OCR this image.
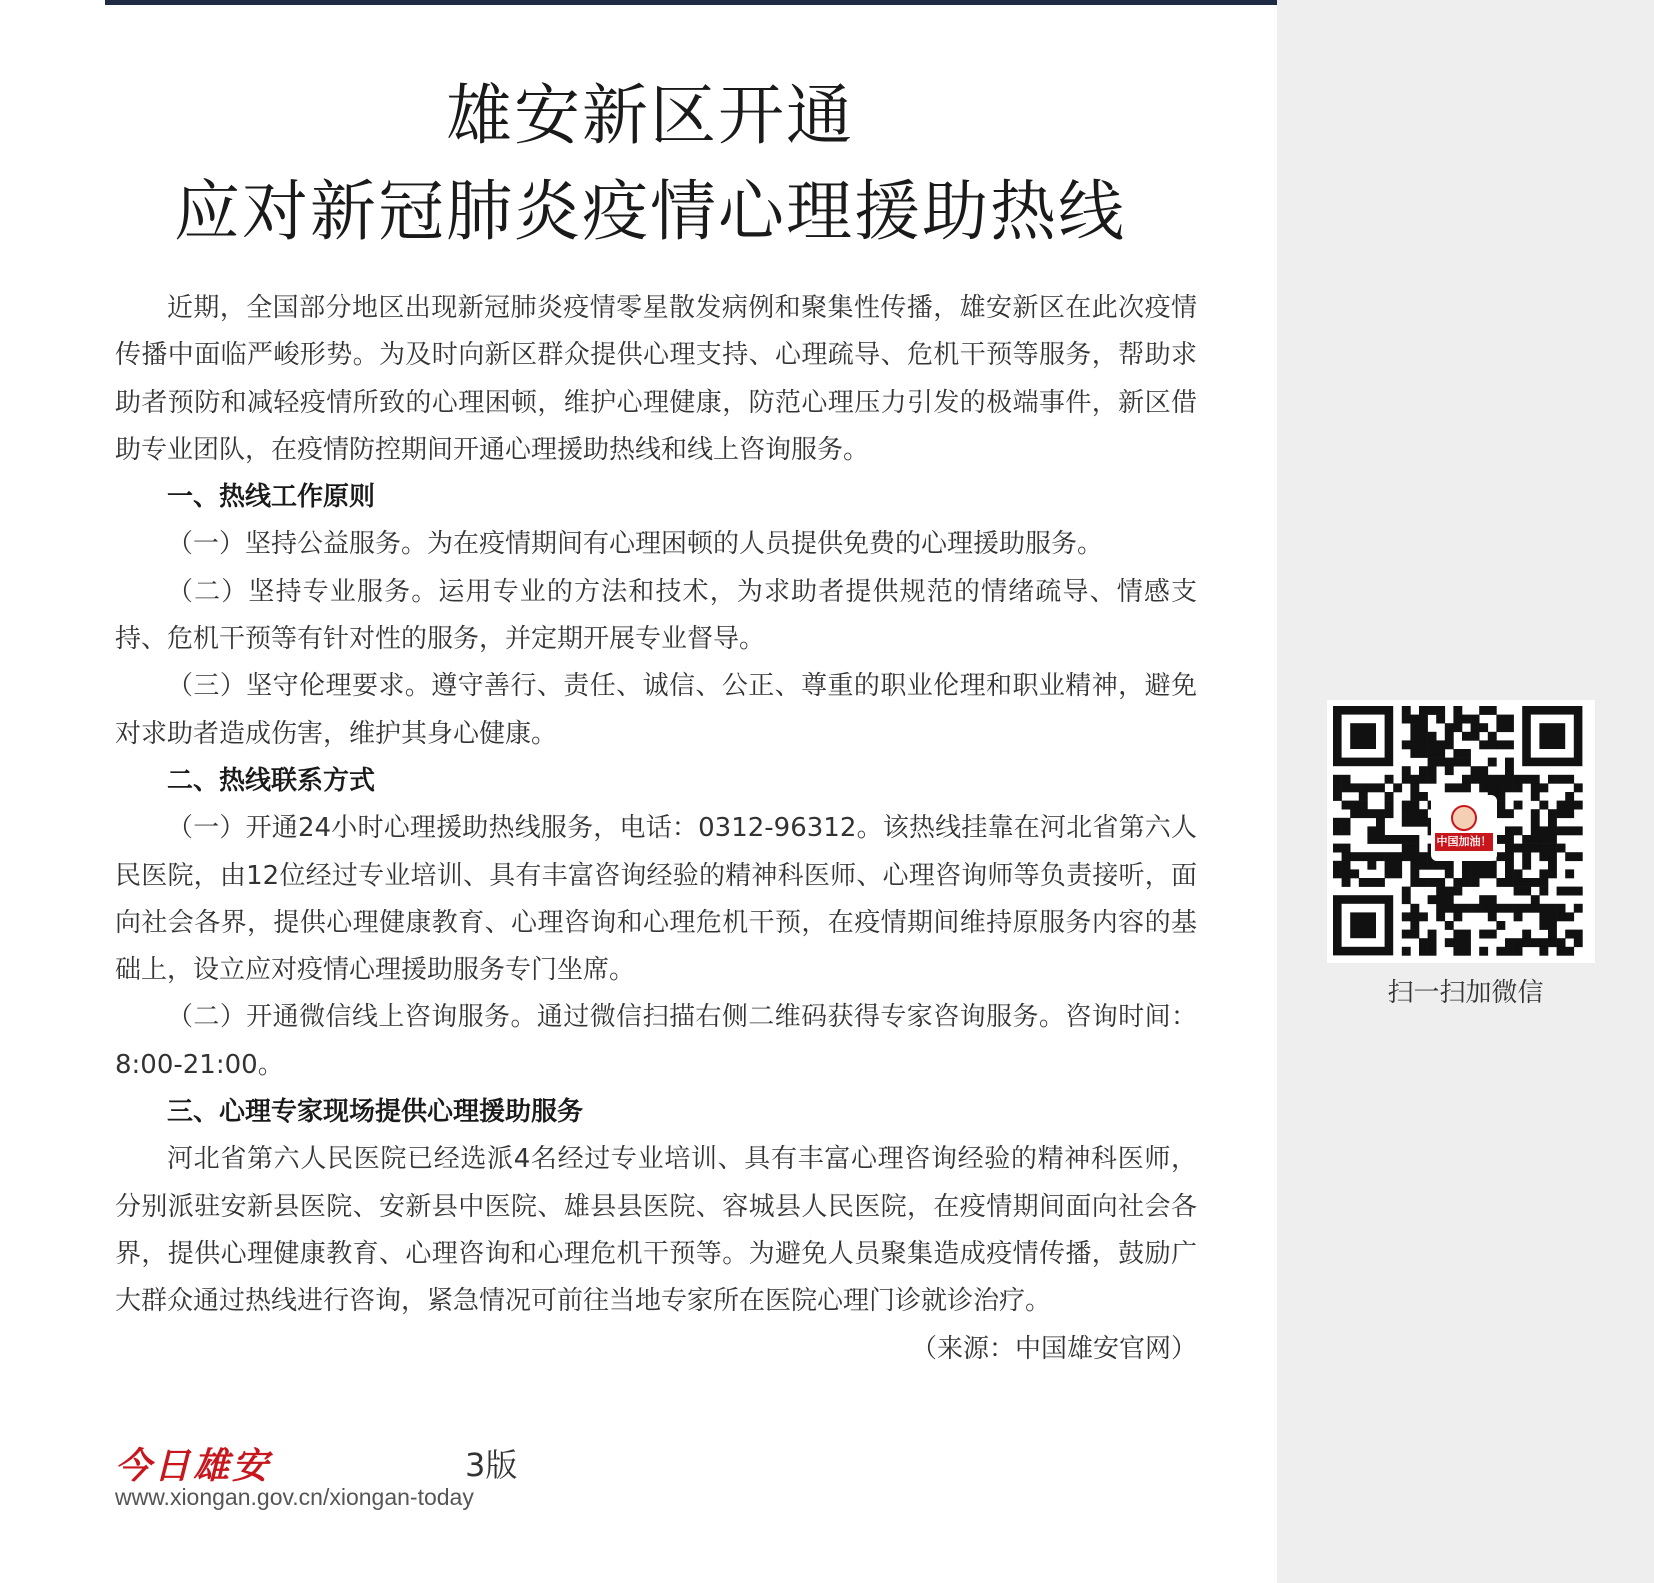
雄安新区开通
应对新冠肺炎疫情心理援助热线

近期，全国部分地区出现新冠肺炎疫情零星散发病例和聚集性传播，雄安新区在此次疫情传播中面临严峻形势。为及时向新区群众提供心理支持、心理疏导、危机干预等服务，帮助求助者预防和减轻疫情所致的心理困顿，维护心理健康，防范心理压力引发的极端事件，新区借助专业团队，在疫情防控期间开通心理援助热线和线上咨询服务。

一、热线工作原则

（一）坚持公益服务。为在疫情期间有心理困顿的人员提供免费的心理援助服务。

（二）坚持专业服务。运用专业的方法和技术，为求助者提供规范的情绪疏导、情感支持、危机干预等有针对性的服务，并定期开展专业督导。

（三）坚守伦理要求。遵守善行、责任、诚信、公正、尊重的职业伦理和职业精神，避免对求助者造成伤害，维护其身心健康。

二、热线联系方式

（一）开通24小时心理援助热线服务，电话：0312-96312。该热线挂靠在河北省第六人民医院，由12位经过专业培训、具有丰富咨询经验的精神科医师、心理咨询师等负责接听，面向社会各界，提供心理健康教育、心理咨询和心理危机干预，在疫情期间维持原服务内容的基础上，设立应对疫情心理援助服务专门坐席。

（二）开通微信线上咨询服务。通过微信扫描右侧二维码获得专家咨询服务。咨询时间：8:00-21:00。

三、心理专家现场提供心理援助服务

河北省第六人民医院已经选派4名经过专业培训、具有丰富心理咨询经验的精神科医师，分别派驻安新县医院、安新县中医院、雄县县医院、容城县人民医院，在疫情期间面向社会各界，提供心理健康教育、心理咨询和心理危机干预等。为避免人员聚集造成疫情传播，鼓励广大群众通过热线进行咨询，紧急情况可前往当地专家所在医院心理门诊就诊治疗。

（来源：中国雄安官网）

今日雄安	3版
www.xiongan.gov.cn/xiongan-today
中国加油！
扫一扫加微信
